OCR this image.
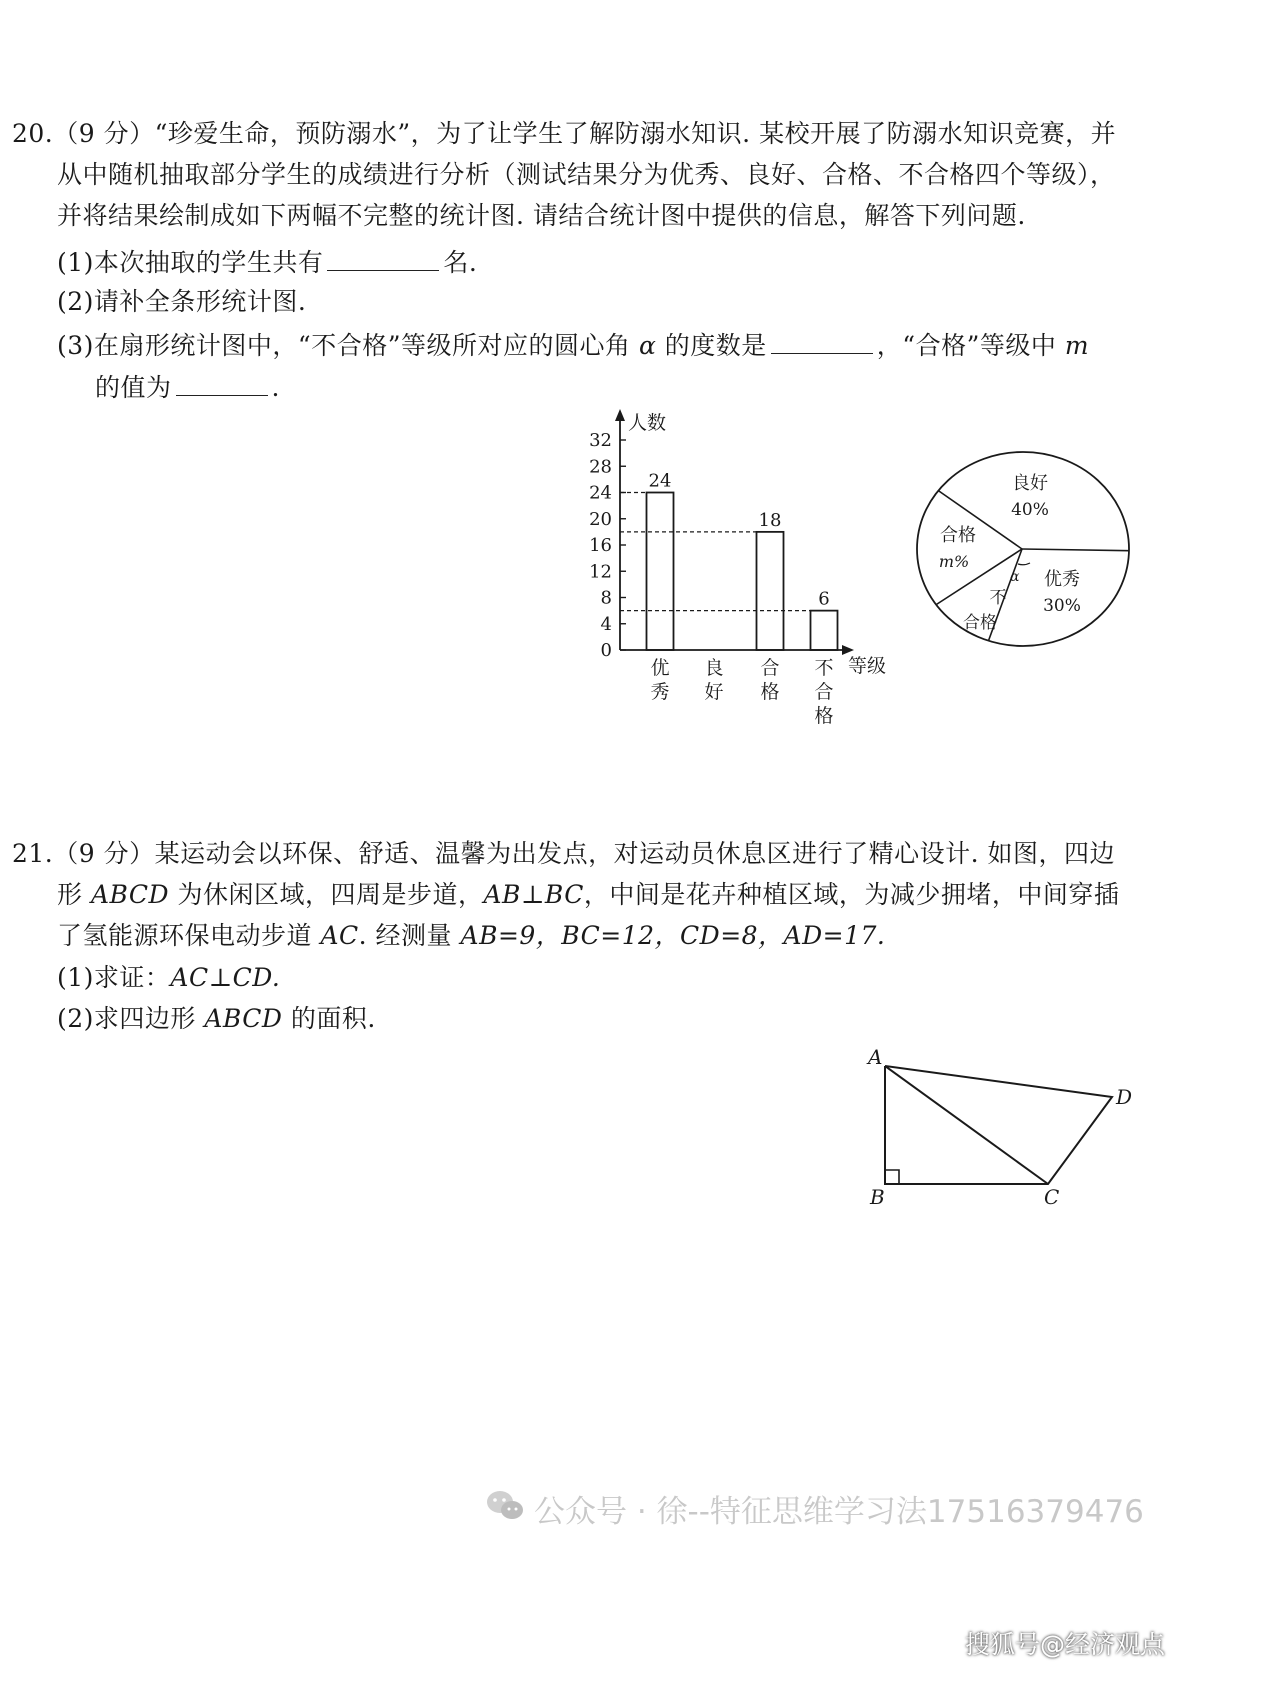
20.（9 分）“珍爱生命，预防溺水”，为了让学生了解防溺水知识. 某校开展了防溺水知识竞赛，并
从中随机抽取部分学生的成绩进行分析（测试结果分为优秀、良好、合格、不合格四个等级），
并将结果绘制成如下两幅不完整的统计图. 请结合统计图中提供的信息，解答下列问题.
(1)本次抽取的学生共有	名.
(2)请补全条形统计图.
(3)在扇形统计图中，“不合格”等级所对应的圆心角 α 的度数是	，“合格”等级中 m
的值为	.
人数
等级
0
4
8
12
16
20
24
28
32
24
优
秀
良
好
18
合
格
6
不
合
格
良好
40%
优秀
30%
合格
m%
不
合格
α
21.（9 分）某运动会以环保、舒适、温馨为出发点，对运动员休息区进行了精心设计. 如图，四边
形 ABCD 为休闲区域，四周是步道，AB⊥BC，中间是花卉种植区域，为减少拥堵，中间穿插
了氢能源环保电动步道 AC. 经测量 AB=9，BC=12，CD=8，AD=17.
(1)求证：AC⊥CD.
(2)求四边形 ABCD 的面积.
A
B	C
D
公众号 · 徐--特征思维学习法17516379476
搜狐号@经济观点
